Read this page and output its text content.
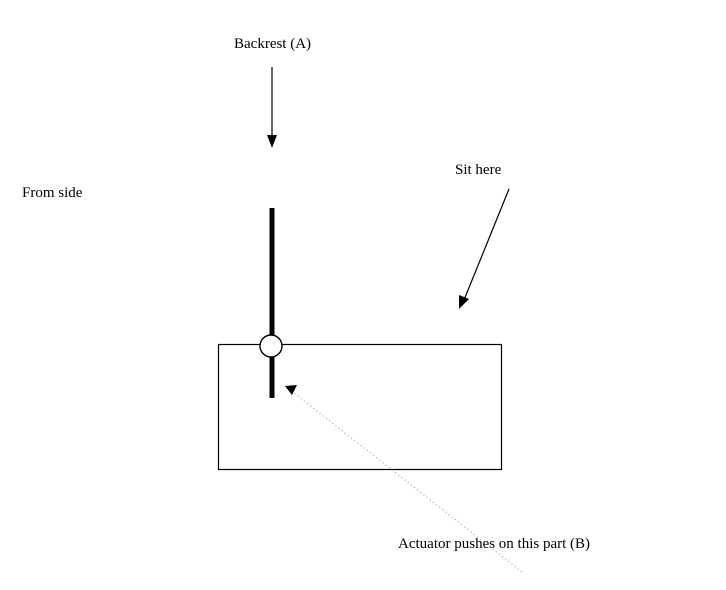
Backrest (A)
From side
Sit here
Actuator pushes on this part (B)
